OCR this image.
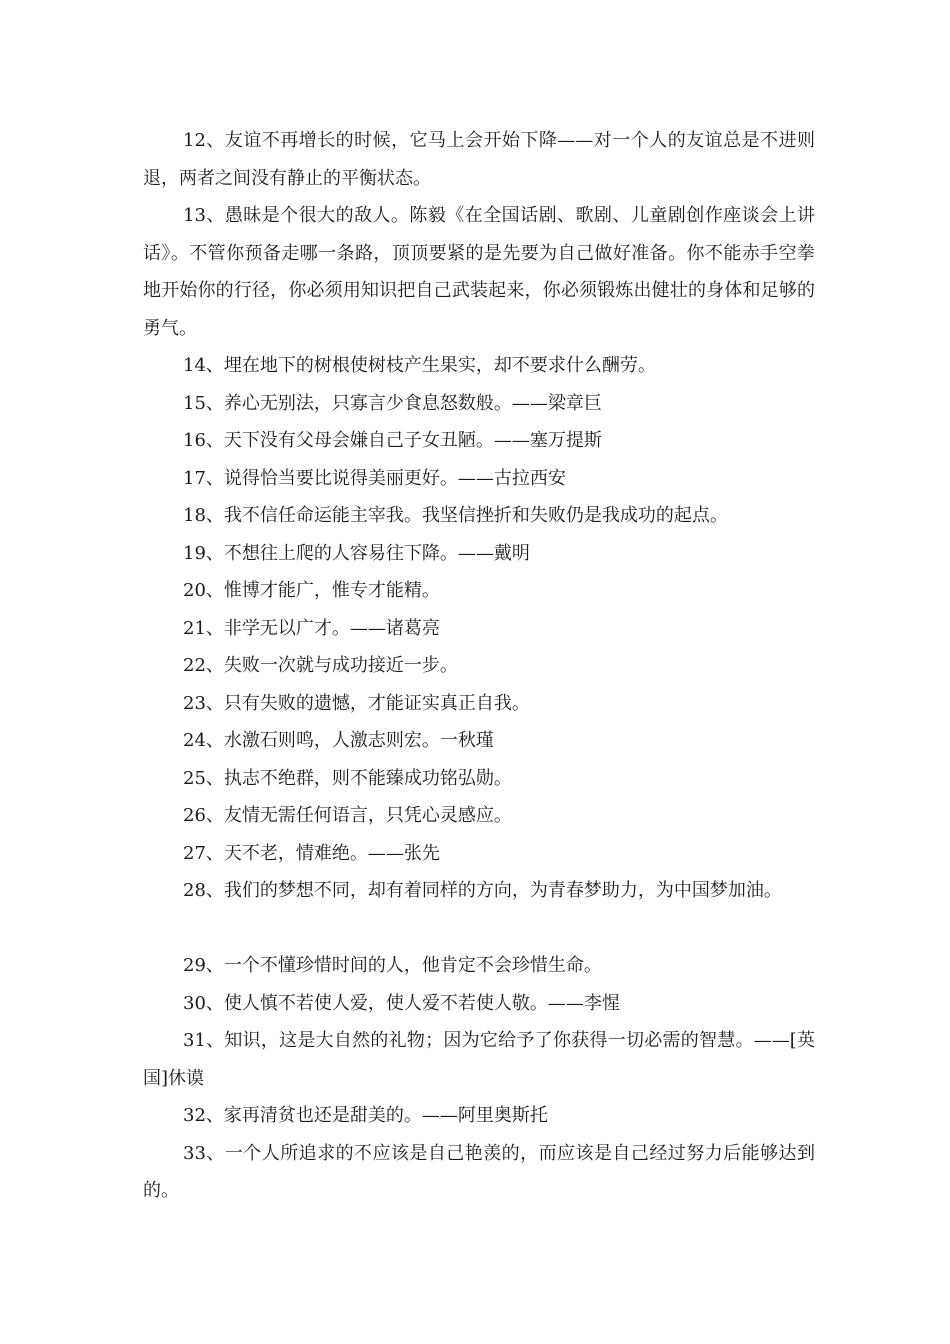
12、友谊不再增长的时候，它马上会开始下降——对一个人的友谊总是不进则退，两者之间没有静止的平衡状态。

13、愚昧是个很大的敌人。陈毅《在全国话剧、歌剧、儿童剧创作座谈会上讲话》。不管你预备走哪一条路，顶顶要紧的是先要为自己做好准备。你不能赤手空拳地开始你的行径，你必须用知识把自己武装起来，你必须锻炼出健壮的身体和足够的勇气。

14、埋在地下的树根使树枝产生果实，却不要求什么酬劳。

15、养心无别法，只寡言少食息怒数般。——梁章巨

16、天下没有父母会嫌自己子女丑陋。——塞万提斯

17、说得恰当要比说得美丽更好。——古拉西安

18、我不信任命运能主宰我。我坚信挫折和失败仍是我成功的起点。

19、不想往上爬的人容易往下降。——戴明

20、惟博才能广，惟专才能精。

21、非学无以广才。——诸葛亮

22、失败一次就与成功接近一步。

23、只有失败的遗憾，才能证实真正自我。

24、水激石则鸣，人激志则宏。一秋瑾

25、执志不绝群，则不能臻成功铭弘勋。

26、友情无需任何语言，只凭心灵感应。

27、天不老，情难绝。——张先

28、我们的梦想不同，却有着同样的方向，为青春梦助力，为中国梦加油。

29、一个不懂珍惜时间的人，他肯定不会珍惜生命。

30、使人慎不若使人爱，使人爱不若使人敬。——李惺

31、知识，这是大自然的礼物；因为它给予了你获得一切必需的智慧。——[英国]休谟

32、家再清贫也还是甜美的。——阿里奥斯托

33、一个人所追求的不应该是自己艳羡的，而应该是自己经过努力后能够达到的。
